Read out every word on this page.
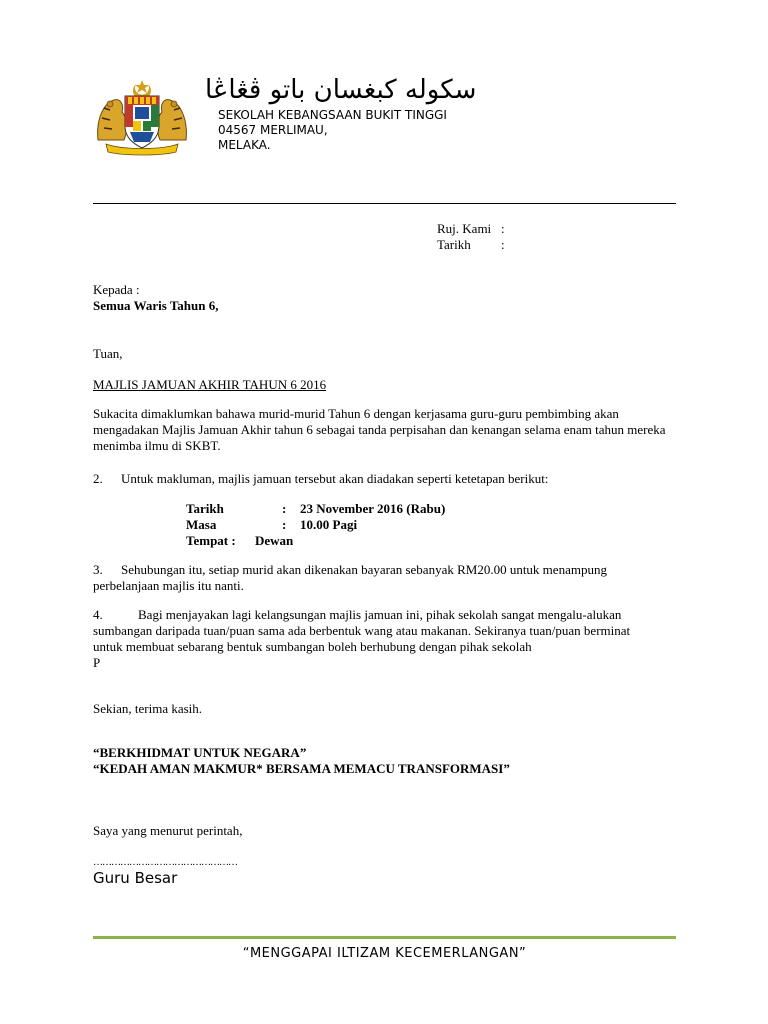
سکوله کبغسان باتو ڤڠاڠا
SEKOLAH KEBANGSAAN BUKIT TINGGI
04567 MERLIMAU,
MELAKA.
Ruj. Kami :
Tarikh	:
Kepada :
Semua Waris Tahun 6,
Tuan,
MAJLIS JAMUAN AKHIR TAHUN 6 2016
Sukacita dimaklumkan bahawa murid-murid Tahun 6 dengan kerjasama guru-guru pembimbing akan mengadakan Majlis Jamuan Akhir tahun 6 sebagai tanda perpisahan dan kenangan selama enam tahun mereka menimba ilmu di SKBT.
2. Untuk makluman, majlis jamuan tersebut akan diadakan seperti ketetapan berikut:
Tarikh	:	23 November 2016 (Rabu)
Masa	:	10.00 Pagi
Tempat :	Dewan
3. Sehubungan itu, setiap murid akan dikenakan bayaran sebanyak RM20.00 untuk menampung
perbelanjaan majlis itu nanti.
4.	Bagi menjayakan lagi kelangsungan majlis jamuan ini, pihak sekolah sangat mengalu-alukan
sumbangan daripada tuan/puan sama ada berbentuk wang atau makanan. Sekiranya tuan/puan berminat untuk membuat sebarang bentuk sumbangan boleh berhubung dengan pihak sekolah
P
Sekian, terima kasih.
“BERKHIDMAT UNTUK NEGARA”
“KEDAH AMAN MAKMUR* BERSAMA MEMACU TRANSFORMASI”
Saya yang menurut perintah,
…………………………………………
Guru Besar
“MENGGAPAI ILTIZAM KECEMERLANGAN”
